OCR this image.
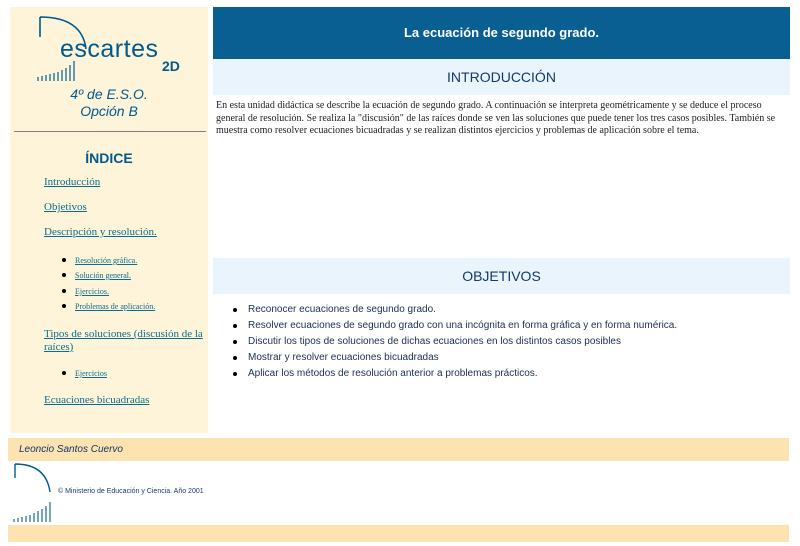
escartes
2D
4º de E.S.O.
Opción B
ÍNDICE
Introducción
Objetivos
Descripción y resolución.
Resolución gráfica.
Solución general.
Ejercicios.
Problemas de aplicación.
Tipos de soluciones (discusión de la raíces)
Ejercicios
Ecuaciones bicuadradas
La ecuación de segundo grado.
INTRODUCCIÓN

En esta unidad didáctica se describe la ecuación de segundo grado. A continuación se interpreta geométricamente y se deduce el proceso general de resolución. Se realiza la "discusión" de las raíces donde se ven las soluciones que puede tener los tres casos posibles. También se muestra como resolver ecuaciones bicuadradas y se realizan distintos ejercicios y problemas de aplicación sobre el tema.

OBJETIVOS
Reconocer ecuaciones de segundo grado.
Resolver ecuaciones de segundo grado con una incógnita en forma gráfica y en forma numérica.
Discutir los tipos de soluciones de dichas ecuaciones en los distintos casos posibles
Mostrar y resolver ecuaciones bicuadradas
Aplicar los métodos de resolución anterior a problemas prácticos.
Leoncio Santos Cuervo
© Ministerio de Educación y Ciencia. Año 2001
